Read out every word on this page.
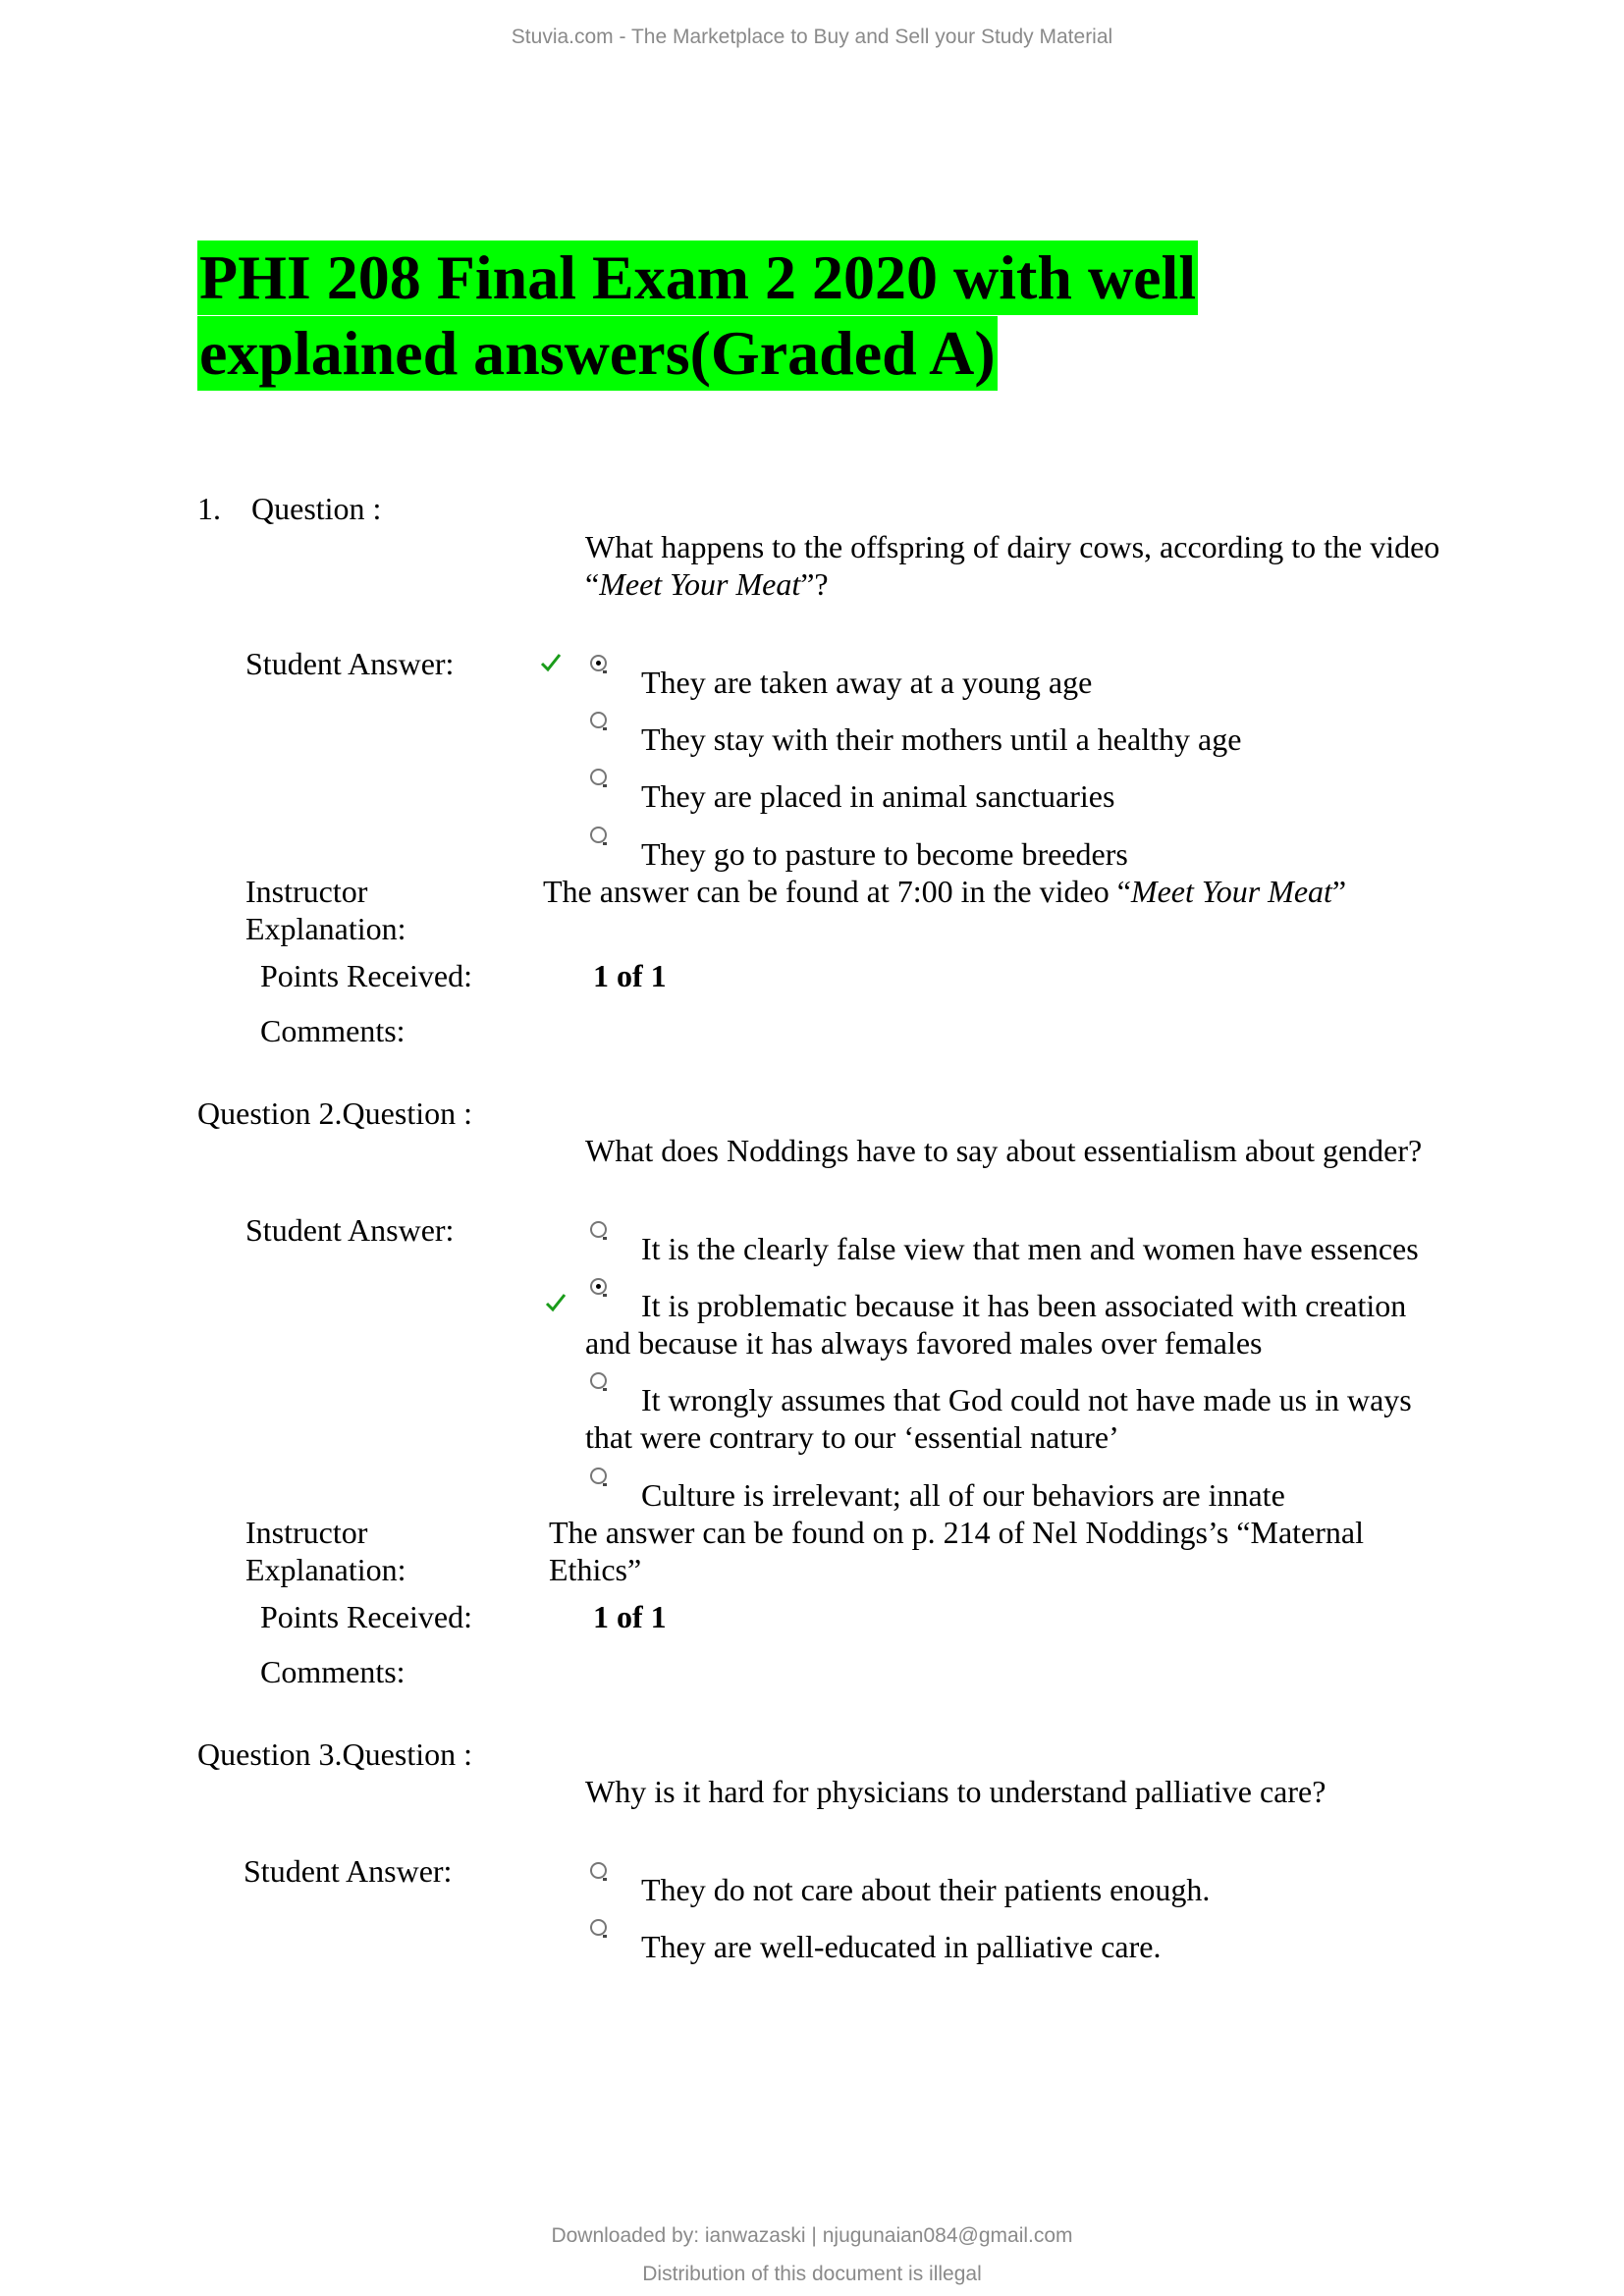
Stuvia.com - The Marketplace to Buy and Sell your Study Material
PHI 208 Final Exam 2 2020 with well
explained answers(Graded A)
1. Question :
What happens to the offspring of dairy cows, according to the video
“Meet Your Meat”?
Student Answer:
They are taken away at a young age
They stay with their mothers until a healthy age
They are placed in animal sanctuaries
They go to pasture to become breeders
Instructor
Explanation:
The answer can be found at 7:00 in the video “Meet Your Meat”
Points Received:	1 of 1
Comments:
Question 2.Question :
What does Noddings have to say about essentialism about gender?
Student Answer:
It is the clearly false view that men and women have essences
It is problematic because it has been associated with creation
and because it has always favored males over females
It wrongly assumes that God could not have made us in ways
that were contrary to our ‘essential nature’
Culture is irrelevant; all of our behaviors are innate
Instructor
Explanation:
The answer can be found on p. 214 of Nel Noddings’s “Maternal
Ethics”
Points Received:	1 of 1
Comments:
Question 3.Question :
Why is it hard for physicians to understand palliative care?
Student Answer:
They do not care about their patients enough.
They are well-educated in palliative care.
Downloaded by: ianwazaski | njugunaian084@gmail.com
Distribution of this document is illegal
